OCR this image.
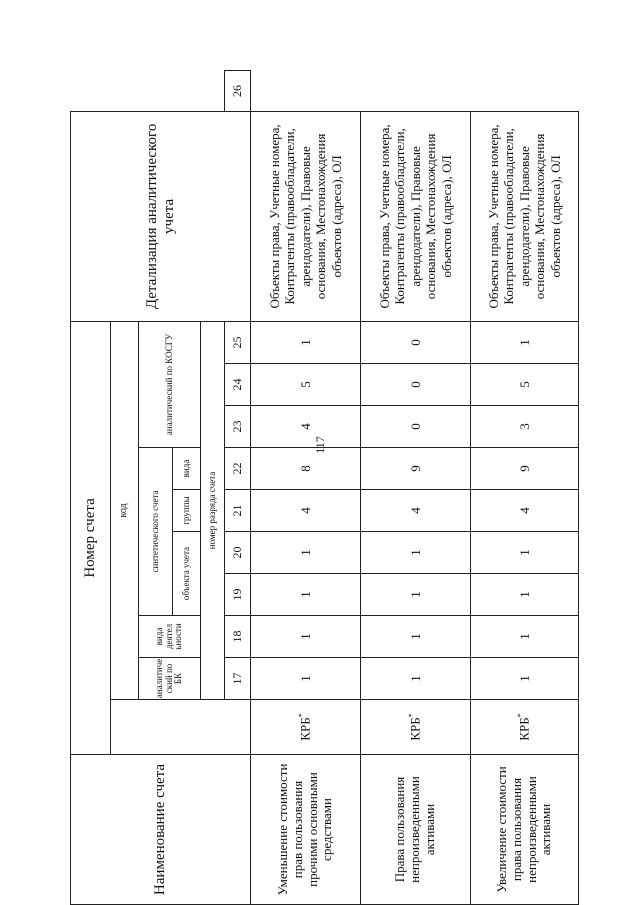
117
Наименование счета	Номер счета										Детализация аналитического учета	
		код										
		аналитиче ский по БК	вида деятел ьности	синтетического счета				аналитический по КОСГУ				
				объекта учета		группы	вида					
		номер разряда счета										
		17	18	19	20	21	22	23	24	25		26
Уменьшение стоимости прав пользования прочими основными средствами	КРБ*	1	1	1	1	4	8	4	5	1	Объекты права, Учетные номера, Контрагенты (правообладатели, арендодатели), Правовые основания, Местонахождения объектов (адреса), ОЛ	
Права пользования непроизведенными активами	КРБ*	1	1	1	1	4	9	0	0	0	Объекты права, Учетные номера, Контрагенты (правообладатели, арендодатели), Правовые основания, Местонахождения объектов (адреса), ОЛ	
Увеличение стоимости права пользования непроизведенными активами	КРБ*	1	1	1	1	4	9	3	5	1	Объекты права, Учетные номера, Контрагенты (правообладатели, арендодатели), Правовые основания, Местонахождения объектов (адреса), ОЛ	
